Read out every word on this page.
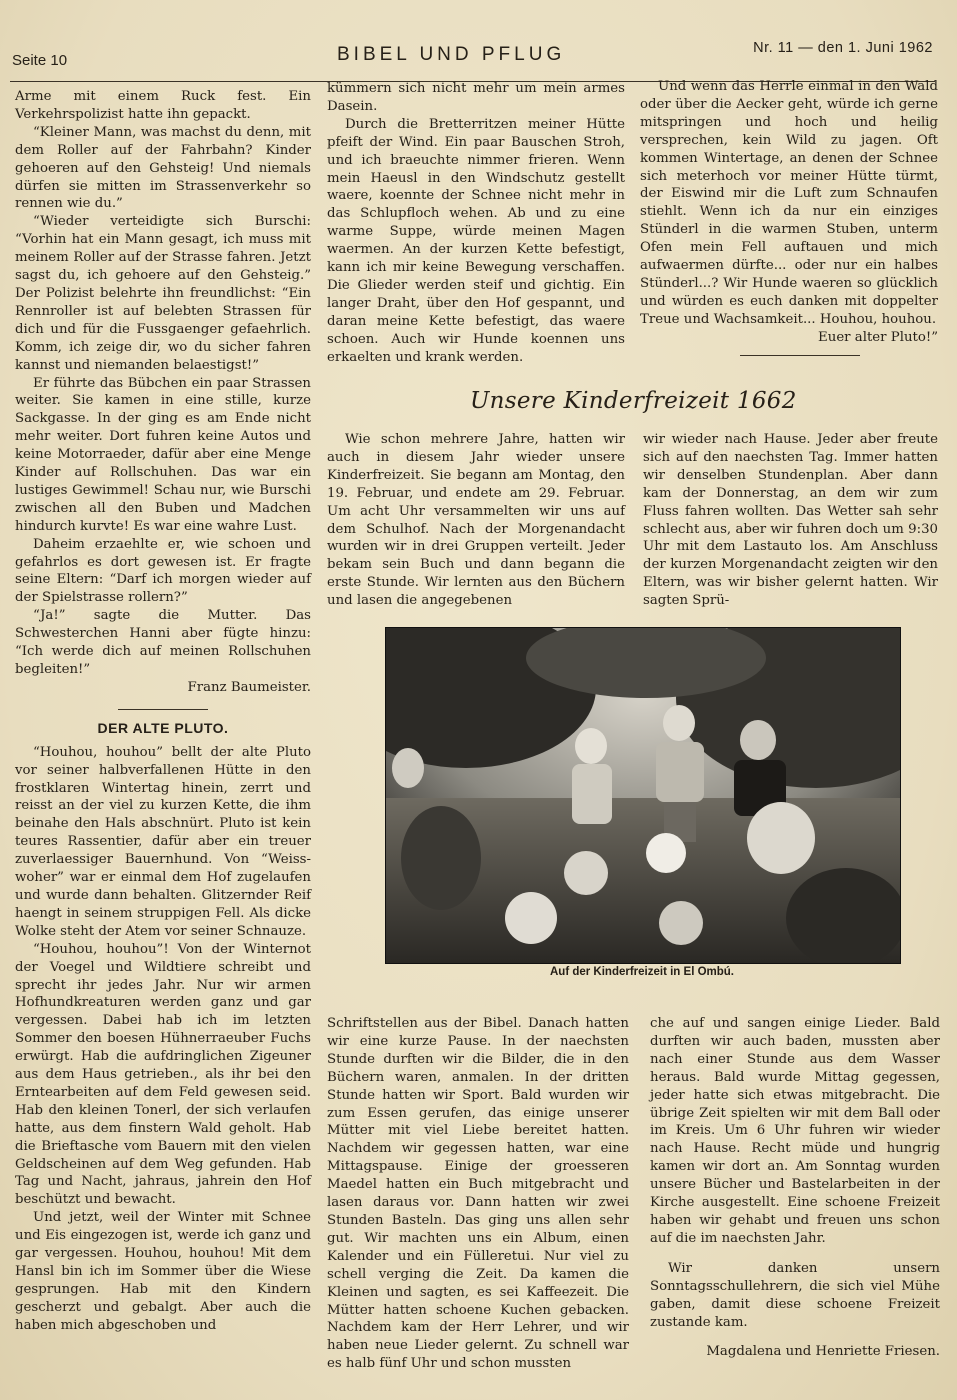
Seite 10	BIBEL UND PFLUG	Nr. 11 — den 1. Juni 1962

Arme mit einem Ruck fest. Ein Verkehrspolizist hatte ihn gepackt.

“Kleiner Mann, was machst du denn, mit dem Roller auf der Fahrbahn? Kinder gehoeren auf den Gehsteig! Und niemals dürfen sie mitten im Strassenverkehr so rennen wie du.”

“Wieder verteidigte sich Burschi: “Vorhin hat ein Mann gesagt, ich muss mit meinem Roller auf der Strasse fahren. Jetzt sagst du, ich gehoere auf den Gehsteig.” Der Polizist belehrte ihn freundlichst: “Ein Rennroller ist auf belebten Strassen für dich und für die Fussgaenger gefaehrlich. Komm, ich zeige dir, wo du sicher fahren kannst und niemanden belaestigst!”

Er führte das Bübchen ein paar Strassen weiter. Sie kamen in eine stille, kurze Sackgasse. In der ging es am Ende nicht mehr weiter. Dort fuhren keine Autos und keine Motorraeder, dafür aber eine Menge Kinder auf Rollschuhen. Das war ein lustiges Gewimmel! Schau nur, wie Burschi zwischen all den Buben und Madchen hindurch kurvte! Es war eine wahre Lust.

Daheim erzaehlte er, wie schoen und gefahrlos es dort gewesen ist. Er fragte seine Eltern: “Darf ich morgen wieder auf der Spielstrasse rollern?”

“Ja!” sagte die Mutter. Das Schwesterchen Hanni aber fügte hinzu: “Ich werde dich auf meinen Rollschuhen begleiten!”

Franz Baumeister.

DER ALTE PLUTO.

“Houhou, houhou” bellt der alte Pluto vor seiner halbverfallenen Hütte in den frostklaren Wintertag hinein, zerrt und reisst an der viel zu kurzen Kette, die ihm beinahe den Hals abschnürt. Pluto ist kein teures Rassentier, dafür aber ein treuer zuverlaessiger Bauernhund. Von “Weiss-woher” war er einmal dem Hof zugelaufen und wurde dann behalten. Glitzernder Reif haengt in seinem struppigen Fell. Als dicke Wolke steht der Atem vor seiner Schnauze.

“Houhou, houhou”! Von der Winternot der Voegel und Wildtiere schreibt und sprecht ihr jedes Jahr. Nur wir armen Hofhundkreaturen werden ganz und gar vergessen. Dabei hab ich im letzten Sommer den boesen Hühnerraeuber Fuchs erwürgt. Hab die aufdringlichen Zigeuner aus dem Haus getrieben., als ihr bei den Erntearbeiten auf dem Feld gewesen seid. Hab den kleinen Tonerl, der sich verlaufen hatte, aus dem finstern Wald geholt. Hab die Brieftasche vom Bauern mit den vielen Geldscheinen auf dem Weg gefunden. Hab Tag und Nacht, jahraus, jahrein den Hof beschützt und bewacht.

Und jetzt, weil der Winter mit Schnee und Eis eingezogen ist, werde ich ganz und gar vergessen. Houhou, houhou! Mit dem Hansl bin ich im Sommer über die Wiese gesprungen. Hab mit den Kindern gescherzt und gebalgt. Aber auch die haben mich abgeschoben und

kümmern sich nicht mehr um mein armes Dasein.

Durch die Bretterritzen meiner Hütte pfeift der Wind. Ein paar Bauschen Stroh, und ich braeuchte nimmer frieren. Wenn mein Haeusl in den Windschutz gestellt waere, koennte der Schnee nicht mehr in das Schlupfloch wehen. Ab und zu eine warme Suppe, würde meinen Magen waermen. An der kurzen Kette befestigt, kann ich mir keine Bewegung verschaffen. Die Glieder werden steif und gichtig. Ein langer Draht, über den Hof gespannt, und daran meine Kette befestigt, das waere schoen. Auch wir Hunde koennen uns erkaelten und krank werden.

Und wenn das Herrle einmal in den Wald oder über die Aecker geht, würde ich gerne mitspringen und hoch und heilig versprechen, kein Wild zu jagen. Oft kommen Wintertage, an denen der Schnee sich meterhoch vor meiner Hütte türmt, der Eiswind mir die Luft zum Schnaufen stiehlt. Wenn ich da nur ein einziges Stünderl in die warmen Stuben, unterm Ofen mein Fell auftauen und mich aufwaermen dürfte... oder nur ein halbes Stünderl...? Wir Hunde waeren so glücklich und würden es euch danken mit doppelter Treue und Wachsamkeit... Houhou, houhou.

Euer alter Pluto!”

Unsere Kinderfreizeit 1662

Wie schon mehrere Jahre, hatten wir auch in diesem Jahr wieder unsere Kinderfreizeit. Sie begann am Montag, den 19. Februar, und endete am 29. Februar. Um acht Uhr versammelten wir uns auf dem Schulhof. Nach der Morgenandacht wurden wir in drei Gruppen verteilt. Jeder bekam sein Buch und dann begann die erste Stunde. Wir lernten aus den Büchern und lasen die angegebenen

wir wieder nach Hause. Jeder aber freute sich auf den naechsten Tag. Immer hatten wir denselben Stundenplan. Aber dann kam der Donnerstag, an dem wir zum Fluss fahren wollten. Das Wetter sah sehr schlecht aus, aber wir fuhren doch um 9:30 Uhr mit dem Lastauto los. Am Anschluss der kurzen Morgenandacht zeigten wir den Eltern, was wir bisher gelernt hatten. Wir sagten Sprü-

Auf der Kinderfreizeit in El Ombú.

Schriftstellen aus der Bibel. Danach hatten wir eine kurze Pause. In der naechsten Stunde durften wir die Bilder, die in den Büchern waren, anmalen. In der dritten Stunde hatten wir Sport. Bald wurden wir zum Essen gerufen, das einige unserer Mütter mit viel Liebe bereitet hatten. Nachdem wir gegessen hatten, war eine Mittagspause. Einige der groesseren Maedel hatten ein Buch mitgebracht und lasen daraus vor. Dann hatten wir zwei Stunden Basteln. Das ging uns allen sehr gut. Wir machten uns ein Album, einen Kalender und ein Fülleretui. Nur viel zu schell verging die Zeit. Da kamen die Kleinen und sagten, es sei Kaffeezeit. Die Mütter hatten schoene Kuchen gebacken. Nachdem kam der Herr Lehrer, und wir haben neue Lieder gelernt. Zu schnell war es halb fünf Uhr und schon mussten

che auf und sangen einige Lieder. Bald durften wir auch baden, mussten aber nach einer Stunde aus dem Wasser heraus. Bald wurde Mittag gegessen, jeder hatte sich etwas mitgebracht. Die übrige Zeit spielten wir mit dem Ball oder im Kreis. Um 6 Uhr fuhren wir wieder nach Hause. Recht müde und hungrig kamen wir dort an. Am Sonntag wurden unsere Bücher und Bastelarbeiten in der Kirche ausgestellt. Eine schoene Freizeit haben wir gehabt und freuen uns schon auf die im naechsten Jahr.

Wir danken unsern Sonntagsschullehrern, die sich viel Mühe gaben, damit diese schoene Freizeit zustande kam.

Magdalena und Henriette Friesen.
